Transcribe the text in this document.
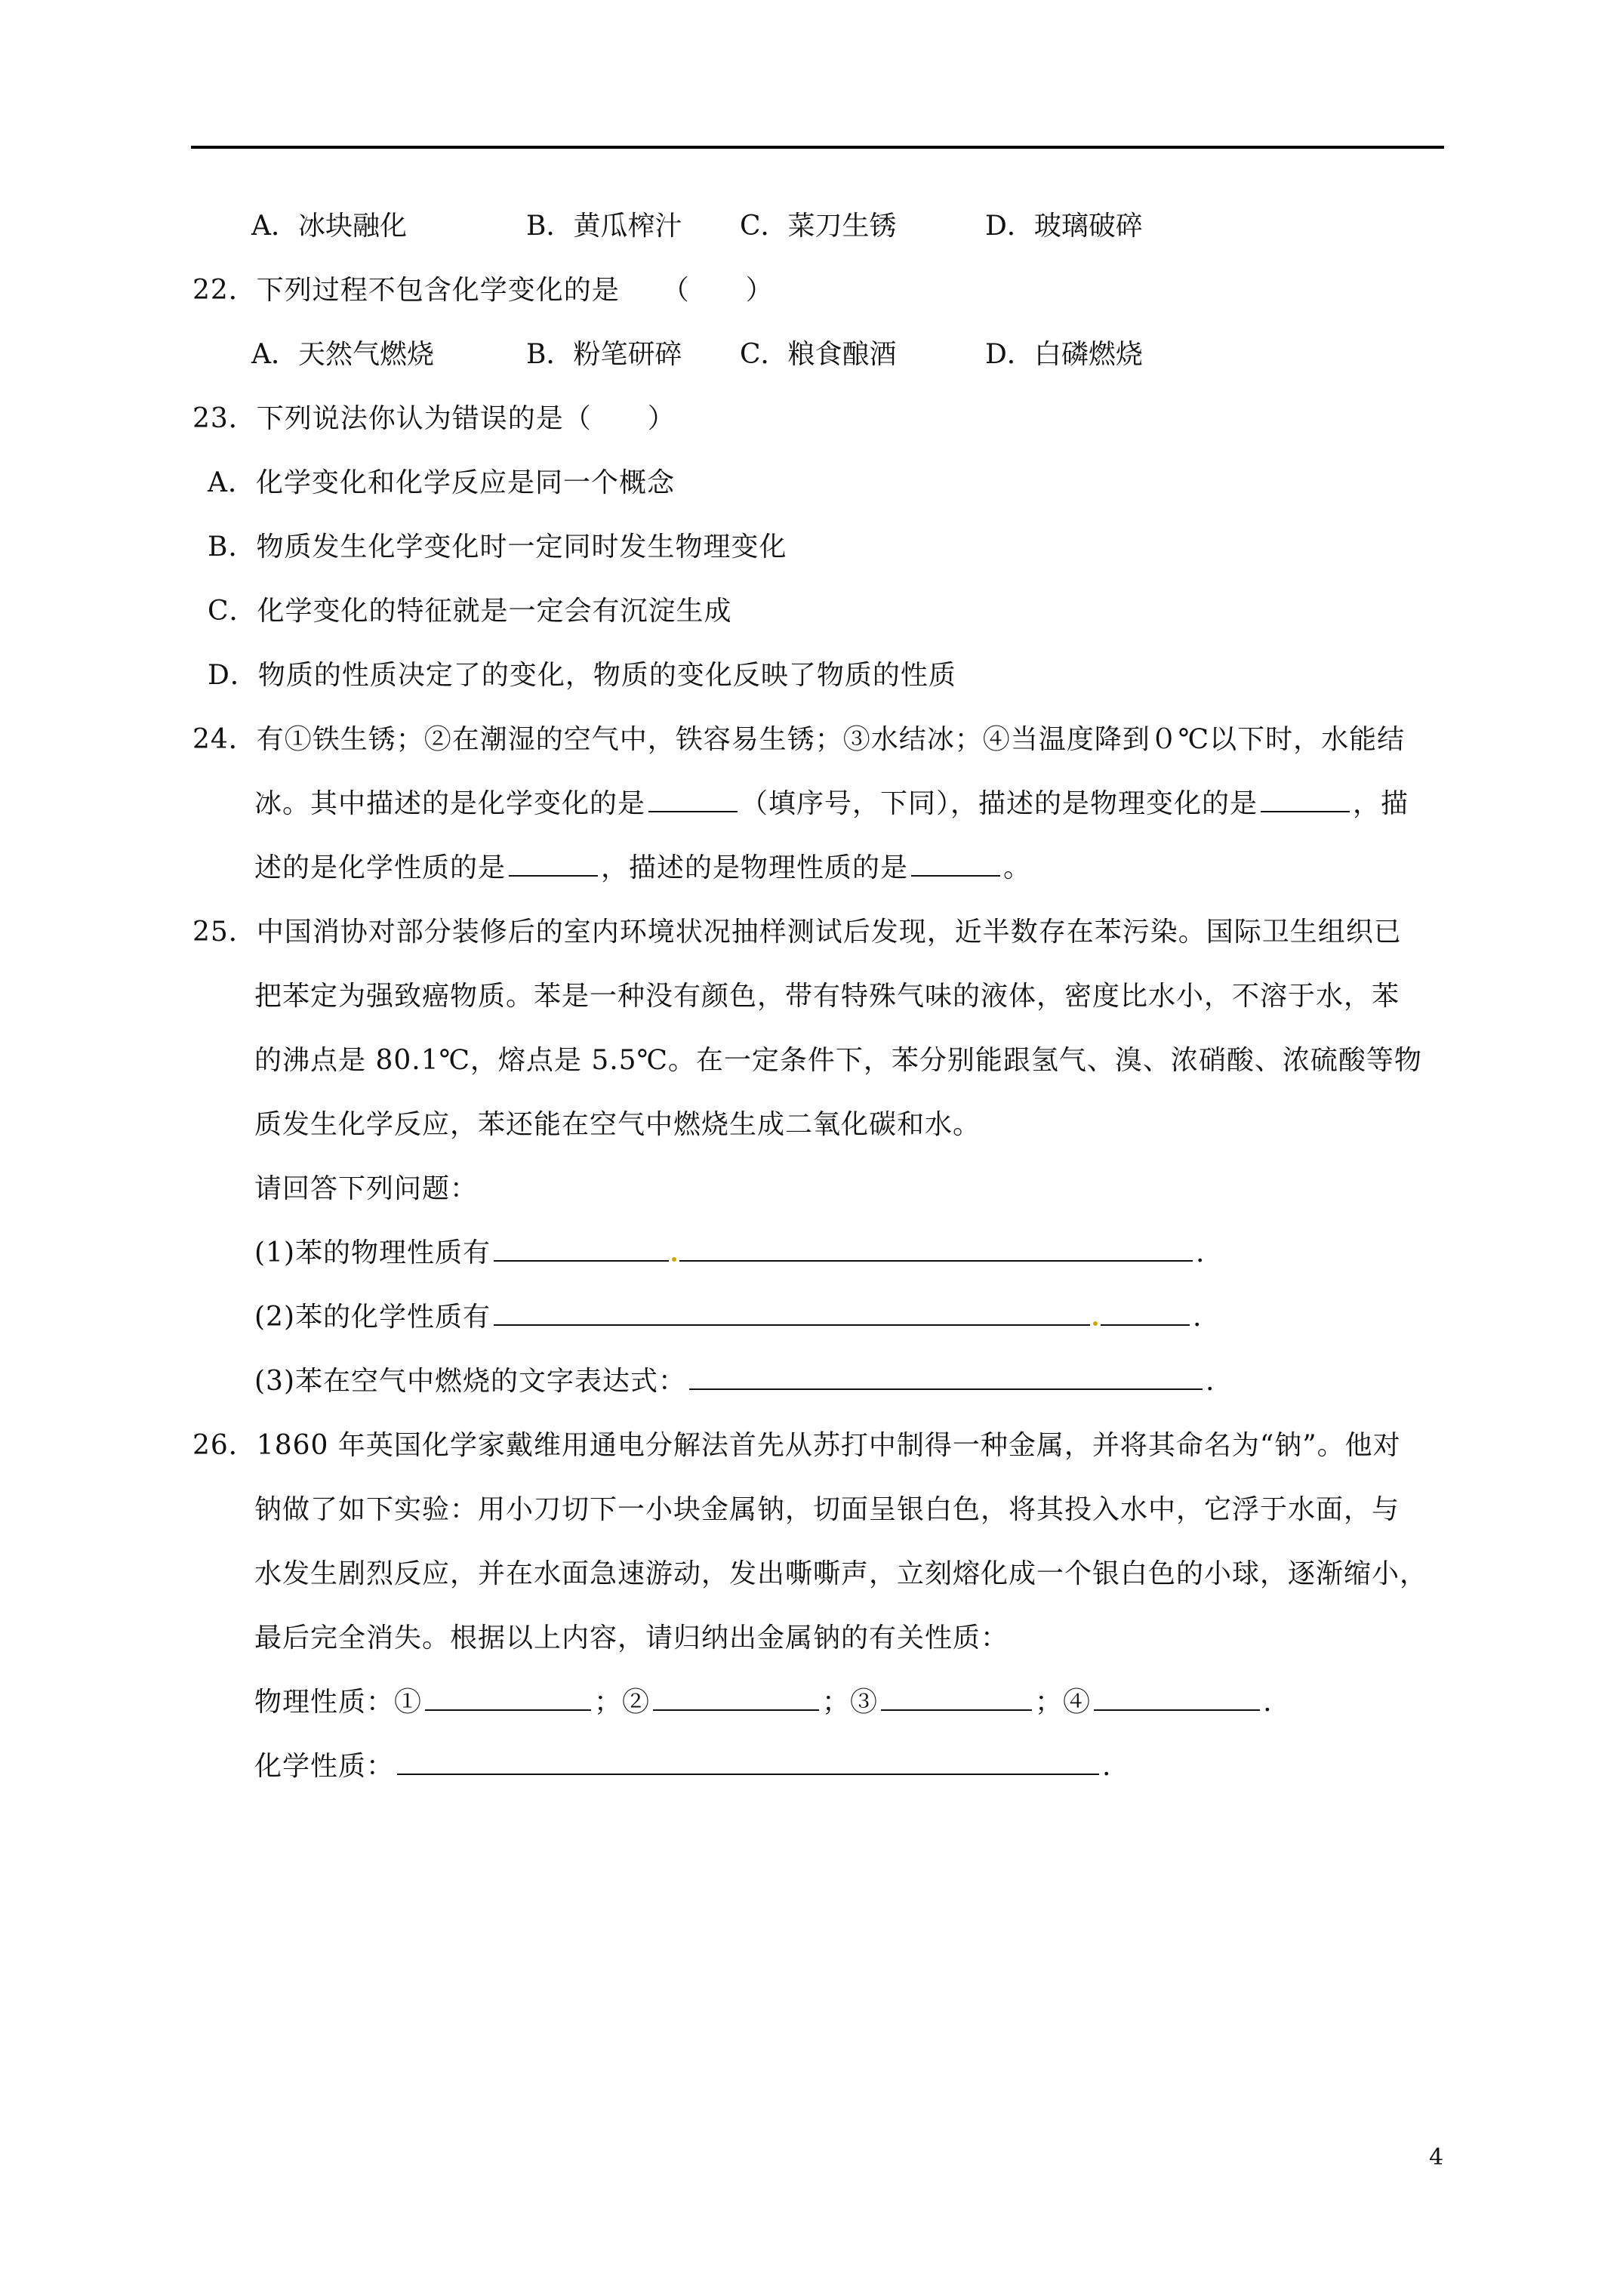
A．冰块融化	B．黄瓜榨汁 C．菜刀生锈	D．玻璃破碎
22．下列过程不包含化学变化的是　　（　　）
A．天然气燃烧	B．粉笔研碎 C．粮食酿酒	D．白磷燃烧
23．下列说法你认为错误的是（　　）
A．化学变化和化学反应是同一个概念
B．物质发生化学变化时一定同时发生物理变化
C．化学变化的特征就是一定会有沉淀生成
D．物质的性质决定了的变化，物质的变化反映了物质的性质
24．有①铁生锈；②在潮湿的空气中，铁容易生锈；③水结冰；④当温度降到０℃以下时，水能结
冰。其中描述的是化学变化的是	（填序号，下同），描述的是物理变化的是	，描
述的是化学性质的是	，描述的是物理性质的是	。
25．中国消协对部分装修后的室内环境状况抽样测试后发现，近半数存在苯污染。国际卫生组织已
把苯定为强致癌物质。苯是一种没有颜色，带有特殊气味的液体，密度比水小，不溶于水，苯
的沸点是 80.1℃，熔点是 5.5℃。在一定条件下，苯分别能跟氢气、溴、浓硝酸、浓硫酸等物
质发生化学反应，苯还能在空气中燃烧生成二氧化碳和水。
请回答下列问题：
(1)苯的物理性质有	.
(2)苯的化学性质有	.
(3)苯在空气中燃烧的文字表达式：	.
26．1860 年英国化学家戴维用通电分解法首先从苏打中制得一种金属，并将其命名为“钠”。他对
钠做了如下实验：用小刀切下一小块金属钠，切面呈银白色，将其投入水中，它浮于水面，与
水发生剧烈反应，并在水面急速游动，发出嘶嘶声，立刻熔化成一个银白色的小球，逐渐缩小，
最后完全消失。根据以上内容，请归纳出金属钠的有关性质：
物理性质：①	；②	；③	；④	.
化学性质：	.
4
